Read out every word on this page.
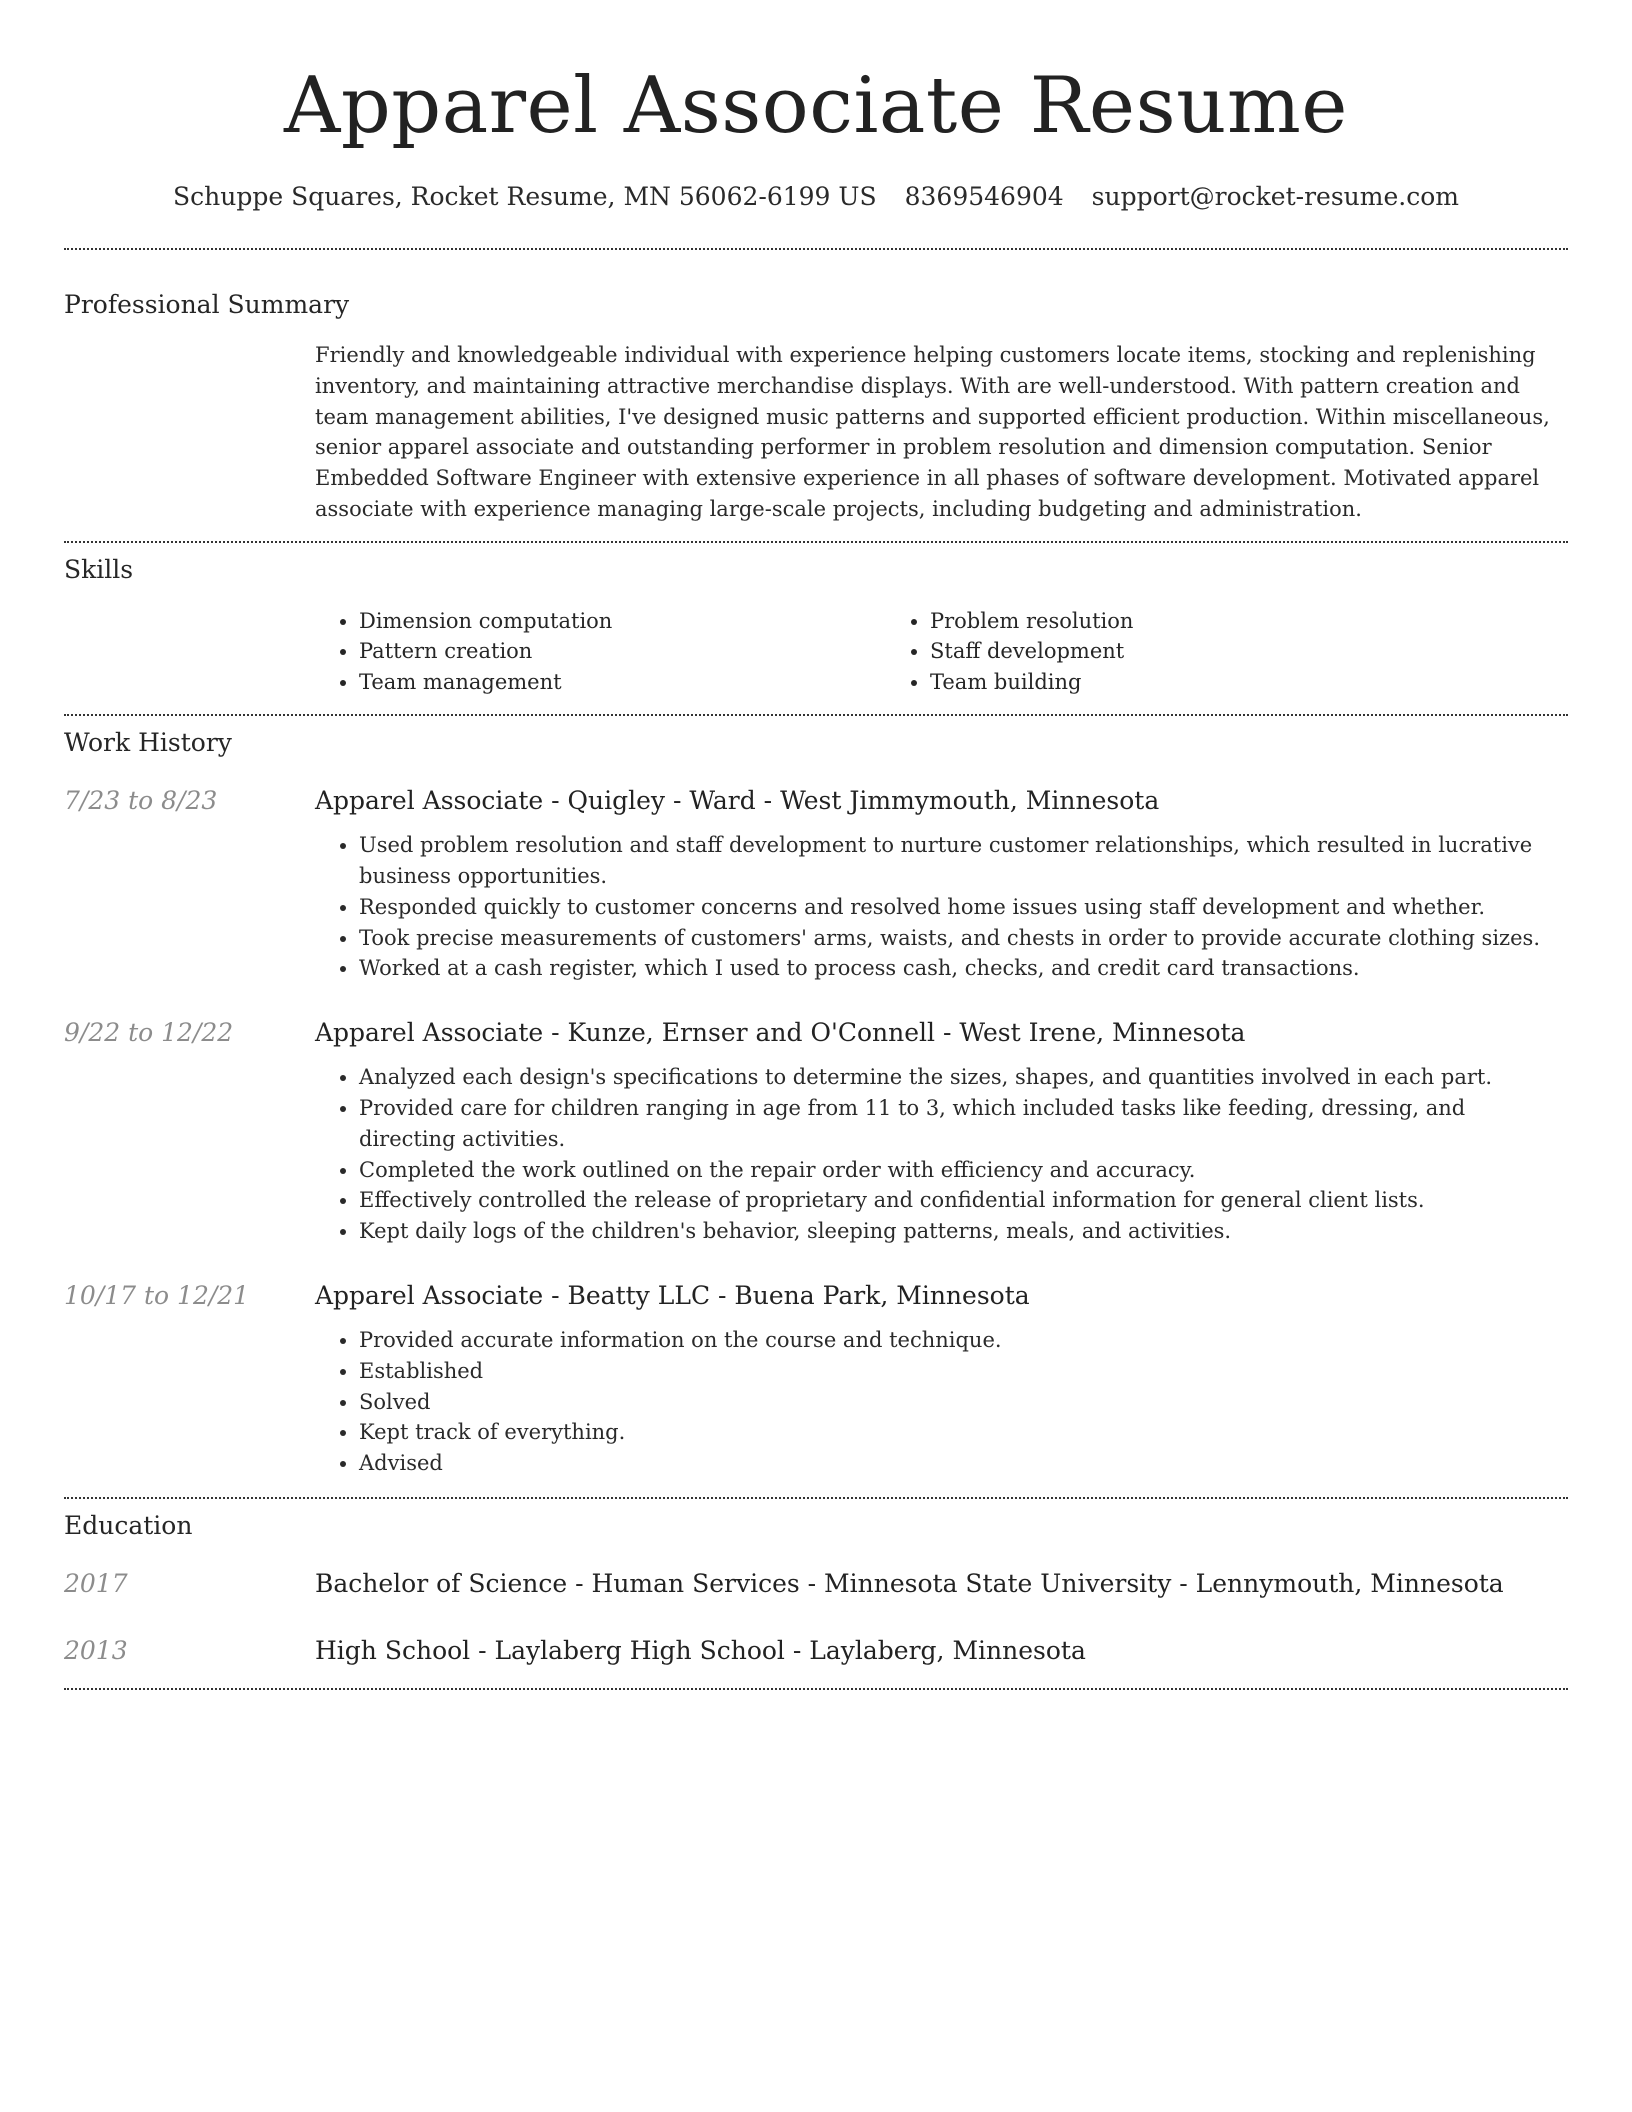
Apparel Associate Resume
Schuppe Squares, Rocket Resume, MN 56062-6199 US 8369546904 support@rocket-resume.com
Professional Summary
Friendly and knowledgeable individual with experience helping customers locate items, stocking and replenishing inventory, and maintaining attractive merchandise displays. With are well-understood. With pattern creation and team management abilities, I've designed music patterns and supported efficient production. Within miscellaneous, senior apparel associate and outstanding performer in problem resolution and dimension computation. Senior Embedded Software Engineer with extensive experience in all phases of software development. Motivated apparel associate with experience managing large-scale projects, including budgeting and administration.
Skills
• Dimension computation
• Pattern creation
• Team management
• Problem resolution
• Staff development
• Team building
Work History
7/23 to 8/23	Apparel Associate - Quigley - Ward - West Jimmymouth, Minnesota
• Used problem resolution and staff development to nurture customer relationships, which resulted in lucrative business opportunities.
• Responded quickly to customer concerns and resolved home issues using staff development and whether.
• Took precise measurements of customers' arms, waists, and chests in order to provide accurate clothing sizes.
• Worked at a cash register, which I used to process cash, checks, and credit card transactions.
9/22 to 12/22	Apparel Associate - Kunze, Ernser and O'Connell - West Irene, Minnesota
• Analyzed each design's specifications to determine the sizes, shapes, and quantities involved in each part.
• Provided care for children ranging in age from 11 to 3, which included tasks like feeding, dressing, and directing activities.
• Completed the work outlined on the repair order with efficiency and accuracy.
• Effectively controlled the release of proprietary and confidential information for general client lists.
• Kept daily logs of the children's behavior, sleeping patterns, meals, and activities.
10/17 to 12/21	Apparel Associate - Beatty LLC - Buena Park, Minnesota
• Provided accurate information on the course and technique.
• Established
• Solved
• Kept track of everything.
• Advised
Education
2017	Bachelor of Science - Human Services - Minnesota State University - Lennymouth, Minnesota
2013	High School - Laylaberg High School - Laylaberg, Minnesota
